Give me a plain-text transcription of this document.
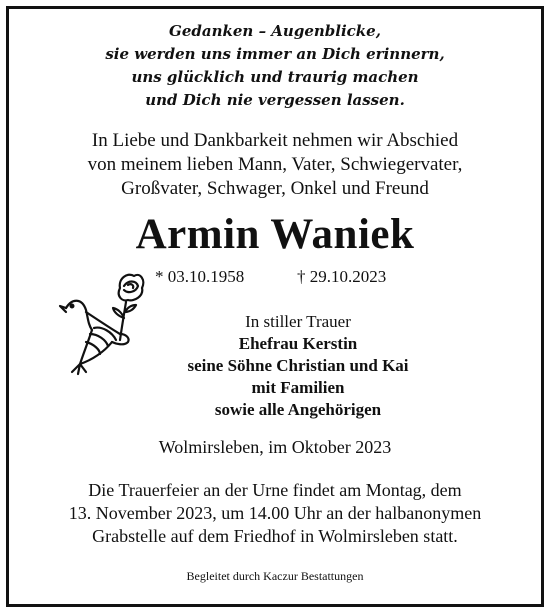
Gedanken – Augenblicke,
sie werden uns immer an Dich erinnern,
uns glücklich und traurig machen
und Dich nie vergessen lassen.
In Liebe und Dankbarkeit nehmen wir Abschied
von meinem lieben Mann, Vater, Schwiegervater,
Großvater, Schwager, Onkel und Freund
Armin Waniek
* 03.10.1958	† 29.10.2023
In stiller Trauer
Ehefrau Kerstin
seine Söhne Christian und Kai
mit Familien
sowie alle Angehörigen
Wolmirsleben, im Oktober 2023
Die Trauerfeier an der Urne findet am Montag, dem
13. November 2023, um 14.00 Uhr an der halbanonymen
Grabstelle auf dem Friedhof in Wolmirsleben statt.
Begleitet durch Kaczur Bestattungen
